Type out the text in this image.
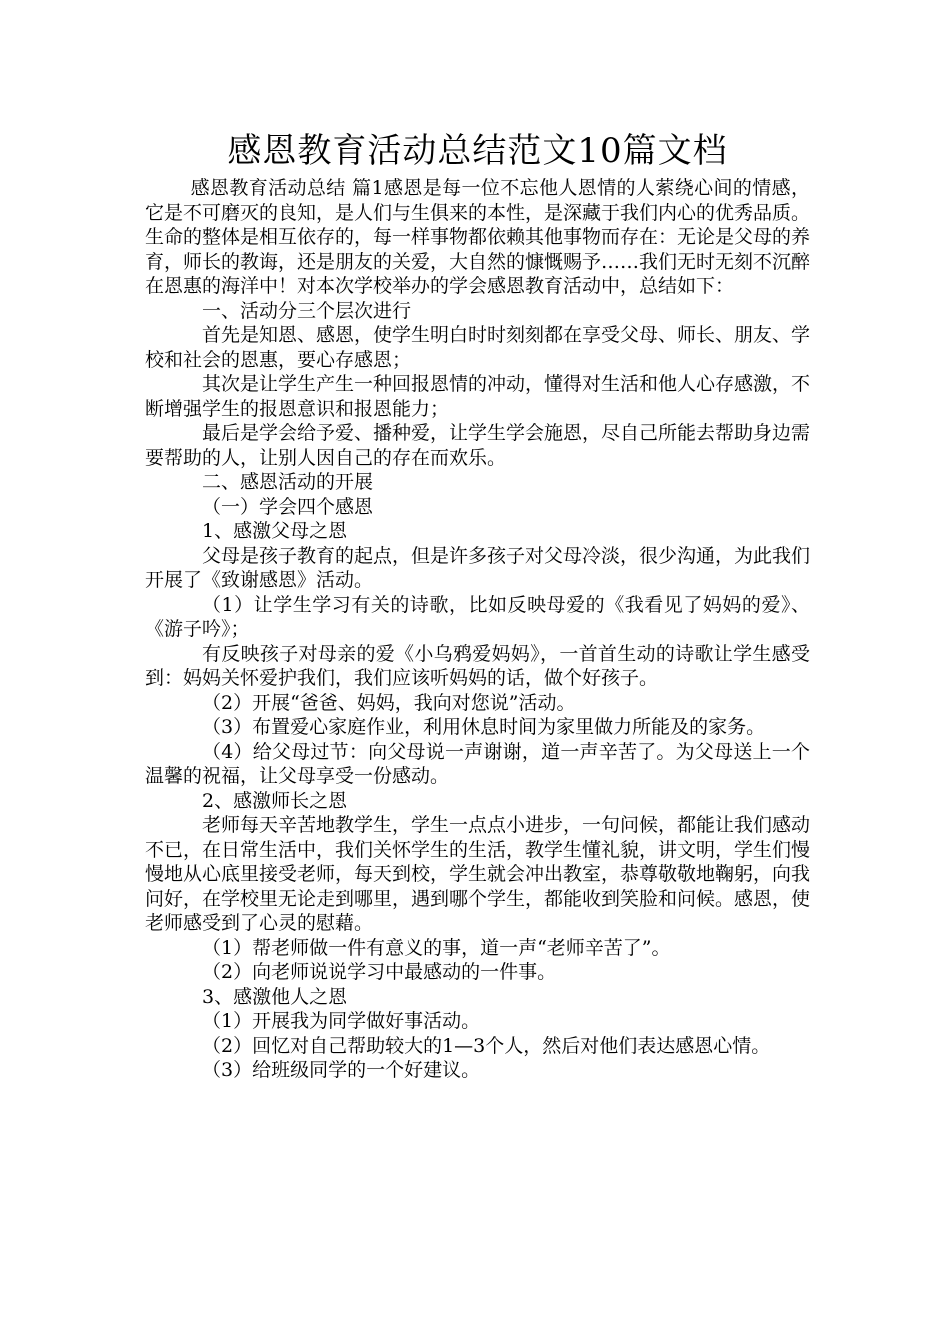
感恩教育活动总结范文10篇文档

感恩教育活动总结 篇1感恩是每一位不忘他人恩情的人萦绕心间的情感，它是不可磨灭的良知，是人们与生俱来的本性，是深藏于我们内心的优秀品质。生命的整体是相互依存的，每一样事物都依赖其他事物而存在：无论是父母的养育，师长的教诲，还是朋友的关爱，大自然的慷慨赐予……我们无时无刻不沉醉在恩惠的海洋中！对本次学校举办的学会感恩教育活动中，总结如下：

一、活动分三个层次进行

首先是知恩、感恩，使学生明白时时刻刻都在享受父母、师长、朋友、学校和社会的恩惠，要心存感恩；

其次是让学生产生一种回报恩情的冲动，懂得对生活和他人心存感激，不断增强学生的报恩意识和报恩能力；

最后是学会给予爱、播种爱，让学生学会施恩，尽自己所能去帮助身边需要帮助的人，让别人因自己的存在而欢乐。

二、感恩活动的开展

（一）学会四个感恩

1、感激父母之恩

父母是孩子教育的起点，但是许多孩子对父母冷淡，很少沟通，为此我们开展了《致谢感恩》活动。

（1）让学生学习有关的诗歌，比如反映母爱的《我看见了妈妈的爱》、《游子吟》；

有反映孩子对母亲的爱《小乌鸦爱妈妈》，一首首生动的诗歌让学生感受到：妈妈关怀爱护我们，我们应该听妈妈的话，做个好孩子。

（2）开展“爸爸、妈妈，我向对您说”活动。

（3）布置爱心家庭作业，利用休息时间为家里做力所能及的家务。

（4）给父母过节：向父母说一声谢谢，道一声辛苦了。为父母送上一个温馨的祝福，让父母享受一份感动。

2、感激师长之恩

老师每天辛苦地教学生，学生一点点小进步，一句问候，都能让我们感动不已，在日常生活中，我们关怀学生的生活，教学生懂礼貌，讲文明，学生们慢慢地从心底里接受老师，每天到校，学生就会冲出教室，恭尊敬敬地鞠躬，向我问好，在学校里无论走到哪里，遇到哪个学生，都能收到笑脸和问候。感恩，使老师感受到了心灵的慰藉。

（1）帮老师做一件有意义的事，道一声“老师辛苦了”。

（2）向老师说说学习中最感动的一件事。

3、感激他人之恩

（1）开展我为同学做好事活动。

（2）回忆对自己帮助较大的1—3个人，然后对他们表达感恩心情。

（3）给班级同学的一个好建议。
